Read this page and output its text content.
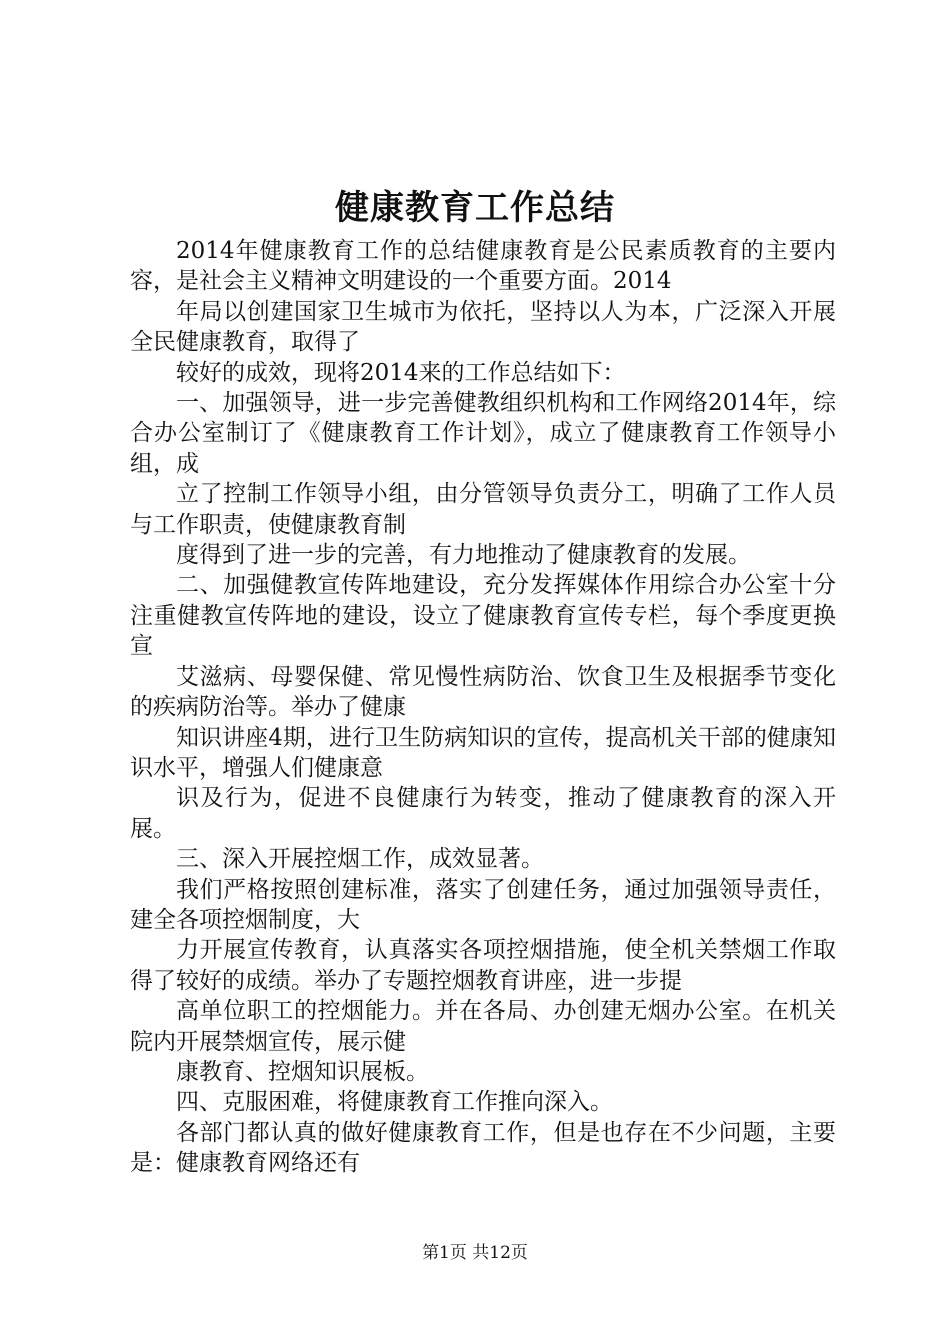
健康教育工作总结

2014年健康教育工作的总结健康教育是公民素质教育的主要内容，是社会主义精神文明建设的一个重要方面。2014

年局以创建国家卫生城市为依托，坚持以人为本，广泛深入开展全民健康教育，取得了

较好的成效，现将2014来的工作总结如下：

一、加强领导，进一步完善健教组织机构和工作网络2014年，综合办公室制订了《健康教育工作计划》，成立了健康教育工作领导小组，成

立了控制工作领导小组，由分管领导负责分工，明确了工作人员与工作职责，使健康教育制

度得到了进一步的完善，有力地推动了健康教育的发展。

二、加强健教宣传阵地建设，充分发挥媒体作用综合办公室十分注重健教宣传阵地的建设，设立了健康教育宣传专栏，每个季度更换宣

艾滋病、母婴保健、常见慢性病防治、饮食卫生及根据季节变化的疾病防治等。举办了健康

知识讲座4期，进行卫生防病知识的宣传，提高机关干部的健康知识水平，增强人们健康意

识及行为，促进不良健康行为转变，推动了健康教育的深入开展。

三、深入开展控烟工作，成效显著。

我们严格按照创建标准，落实了创建任务，通过加强领导责任，建全各项控烟制度，大

力开展宣传教育，认真落实各项控烟措施，使全机关禁烟工作取得了较好的成绩。举办了专题控烟教育讲座，进一步提

高单位职工的控烟能力。并在各局、办创建无烟办公室。在机关院内开展禁烟宣传，展示健

康教育、控烟知识展板。

四、克服困难，将健康教育工作推向深入。

各部门都认真的做好健康教育工作，但是也存在不少问题，主要是：健康教育网络还有

第1页 共12页
